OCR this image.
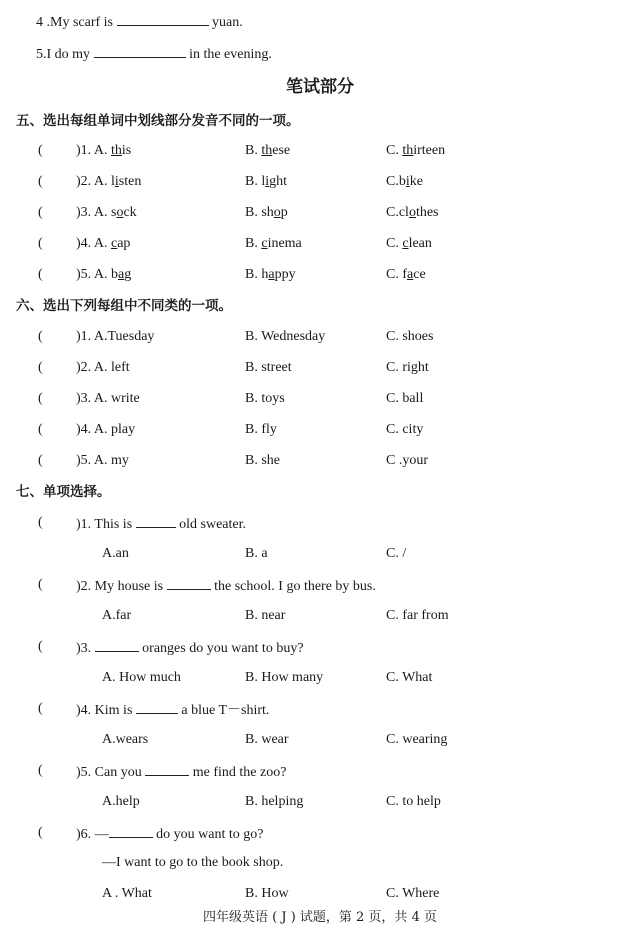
4 .My scarf is	yuan.
5.I do my	in the evening.
笔试部分
五、选出每组单词中划线部分发音不同的一项。
( )1. A. this	B. these	C. thirteen
( )2. A. listen	B. light	C.bike
( )3. A. sock	B. shop	C.clothes
( )4. A. cap	B. cinema	C. clean
( )5. A. bag	B. happy	C. face
六、选出下列每组中不同类的一项。
( )1. A.Tuesday	B. Wednesday	C. shoes
( )2. A. left	B. street	C. right
( )3. A. write	B. toys	C. ball
( )4. A. play	B. fly	C. city
( )5. A. my	B. she	C .your
七、单项选择。
( )1. This is	old sweater.
A.an	B. a	C. /
( )2. My house is	the school. I go there by bus.
A.far	B. near	C. far from
( )3.	oranges do you want to buy?
A. How much	B. How many	C. What
( )4. Kim is	a blue T－shirt.
A.wears	B. wear	C. wearing
( )5. Can you	me find the zoo?
A.help	B. helping	C. to help
( )6. —	do you want to go?
—I want to go to the book shop.
A . What	B. How	C. Where
四年级英语 ( J ) 试题，第 2 页，共 4 页
